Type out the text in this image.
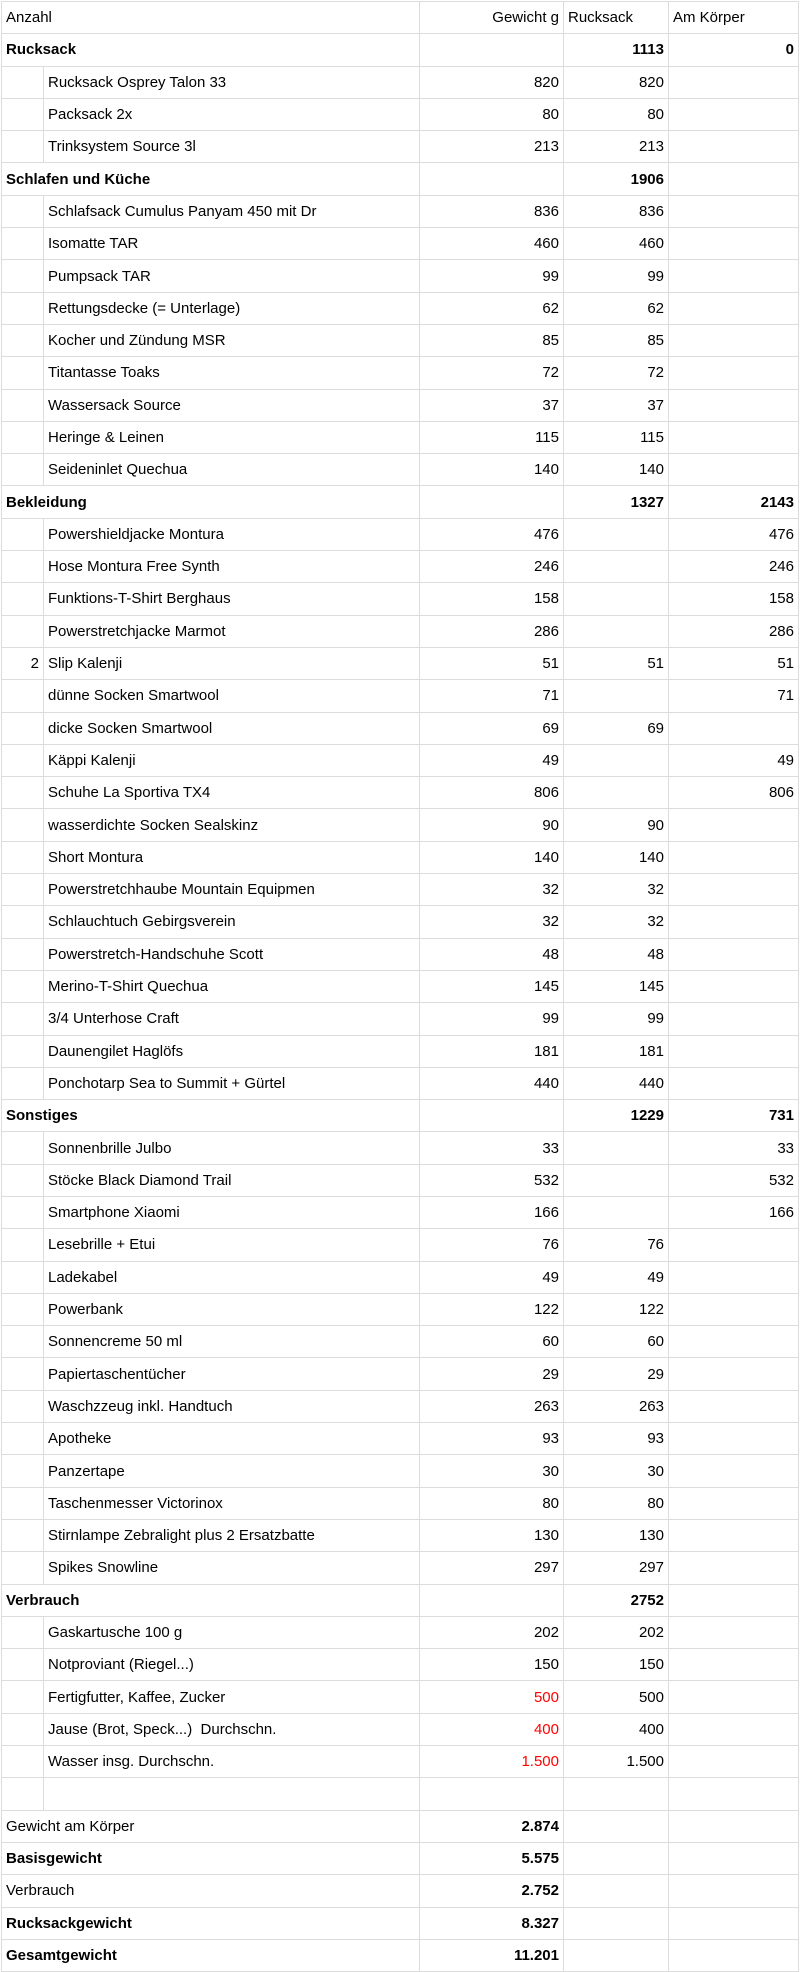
Anzahl		Gewicht g	Rucksack	Am Körper
Rucksack			1113	0
	Rucksack Osprey Talon 33	820	820	
	Packsack 2x	80	80	
	Trinksystem Source 3l	213	213	
Schlafen und Küche			1906	
	Schlafsack Cumulus Panyam 450 mit Dr	836	836	
	Isomatte TAR	460	460	
	Pumpsack TAR	99	99	
	Rettungsdecke (= Unterlage)	62	62	
	Kocher und Zündung MSR	85	85	
	Titantasse Toaks	72	72	
	Wassersack Source	37	37	
	Heringe & Leinen	115	115	
	Seideninlet Quechua	140	140	
Bekleidung			1327	2143
	Powershieldjacke Montura	476		476
	Hose Montura Free Synth	246		246
	Funktions-T-Shirt Berghaus	158		158
	Powerstretchjacke Marmot	286		286
2	Slip Kalenji	51	51	51
	dünne Socken Smartwool	71		71
	dicke Socken Smartwool	69	69	
	Käppi Kalenji	49		49
	Schuhe La Sportiva TX4	806		806
	wasserdichte Socken Sealskinz	90	90	
	Short Montura	140	140	
	Powerstretchhaube Mountain Equipmen	32	32	
	Schlauchtuch Gebirgsverein	32	32	
	Powerstretch-Handschuhe Scott	48	48	
	Merino-T-Shirt Quechua	145	145	
	3/4 Unterhose Craft	99	99	
	Daunengilet Haglöfs	181	181	
	Ponchotarp Sea to Summit + Gürtel	440	440	
Sonstiges			1229	731
	Sonnenbrille Julbo	33		33
	Stöcke Black Diamond Trail	532		532
	Smartphone Xiaomi	166		166
	Lesebrille + Etui	76	76	
	Ladekabel	49	49	
	Powerbank	122	122	
	Sonnencreme 50 ml	60	60	
	Papiertaschentücher	29	29	
	Waschzzeug inkl. Handtuch	263	263	
	Apotheke	93	93	
	Panzertape	30	30	
	Taschenmesser Victorinox	80	80	
	Stirnlampe Zebralight plus 2 Ersatzbatte	130	130	
	Spikes Snowline	297	297	
Verbrauch			2752	
	Gaskartusche 100 g	202	202	
	Notproviant (Riegel...)	150	150	
	Fertigfutter, Kaffee, Zucker	500	500	
	Jause (Brot, Speck...)  Durchschn.	400	400	
	Wasser insg. Durchschn.	1.500	1.500	

Gewicht am Körper		2.874		
Basisgewicht		5.575		
Verbrauch		2.752		
Rucksackgewicht		8.327		
Gesamtgewicht		11.201		
